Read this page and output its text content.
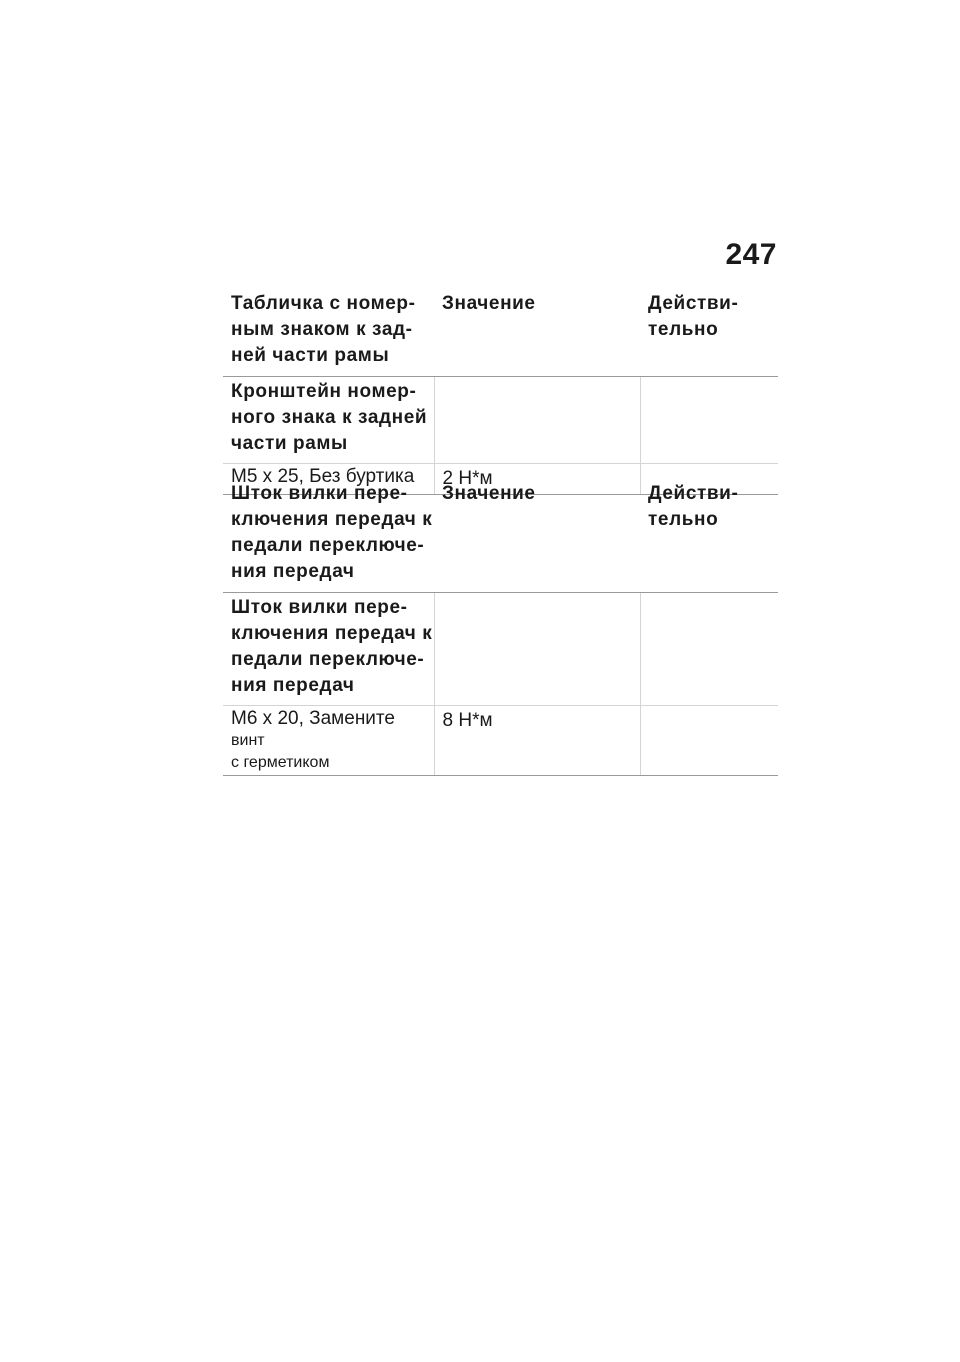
247
Табличка с номер-
ным знаком к зад-
ней части рамы	Значение	Действи-
тельно
Кронштейн номер-
ного знака к задней
части рамы		
M5 x 25, Без буртика	2 Н*м	
Шток вилки пере-
ключения передач к
педали переключе-
ния передач	Значение	Действи-
тельно
Шток вилки пере-
ключения передач к
педали переключе-
ния передач		
M6 x 20, Замените
винт
с герметиком	8 Н*м	
